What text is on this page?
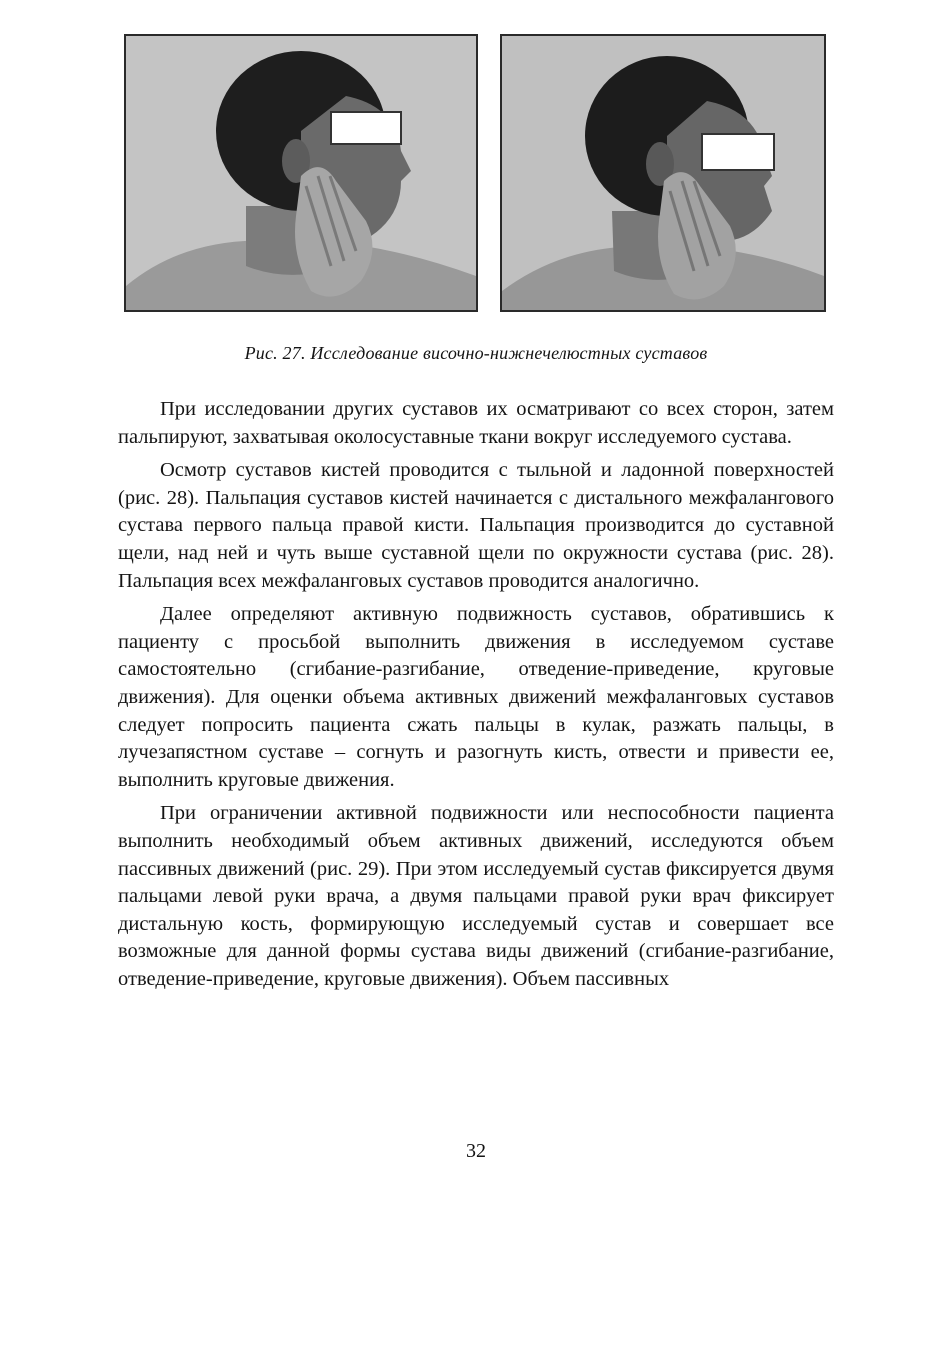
Рис. 27. Исследование височно-нижнечелюстных суставов

При исследовании других суставов их осматривают со всех сторон, затем пальпируют, захватывая околосуставные ткани вокруг исследуемого сустава.

Осмотр суставов кистей проводится с тыльной и ладонной поверхностей (рис. 28). Пальпация суставов кистей начинается с дистального межфалангового сустава первого пальца правой кисти. Пальпация производится до суставной щели, над ней и чуть выше суставной щели по окружности сустава (рис. 28). Пальпация всех межфаланговых суставов проводится аналогично.

Далее определяют активную подвижность суставов, обратившись к пациенту с просьбой выполнить движения в исследуемом суставе самостоятельно (сгибание-разгибание, отведение-приведение, круговые движения). Для оценки объема активных движений межфаланговых суставов следует попросить пациента сжать пальцы в кулак, разжать пальцы, в лучезапястном суставе – согнуть и разогнуть кисть, отвести и привести ее, выполнить круговые движения.

При ограничении активной подвижности или неспособности пациента выполнить необходимый объем активных движений, исследуются объем пассивных движений (рис. 29). При этом исследуемый сустав фиксируется двумя пальцами левой руки врача, а двумя пальцами правой руки врач фиксирует дистальную кость, формирующую исследуемый сустав и совершает все возможные для данной формы сустава виды движений (сгибание-разгибание, отведение-приведение, круговые движения). Объем пассивных

32
